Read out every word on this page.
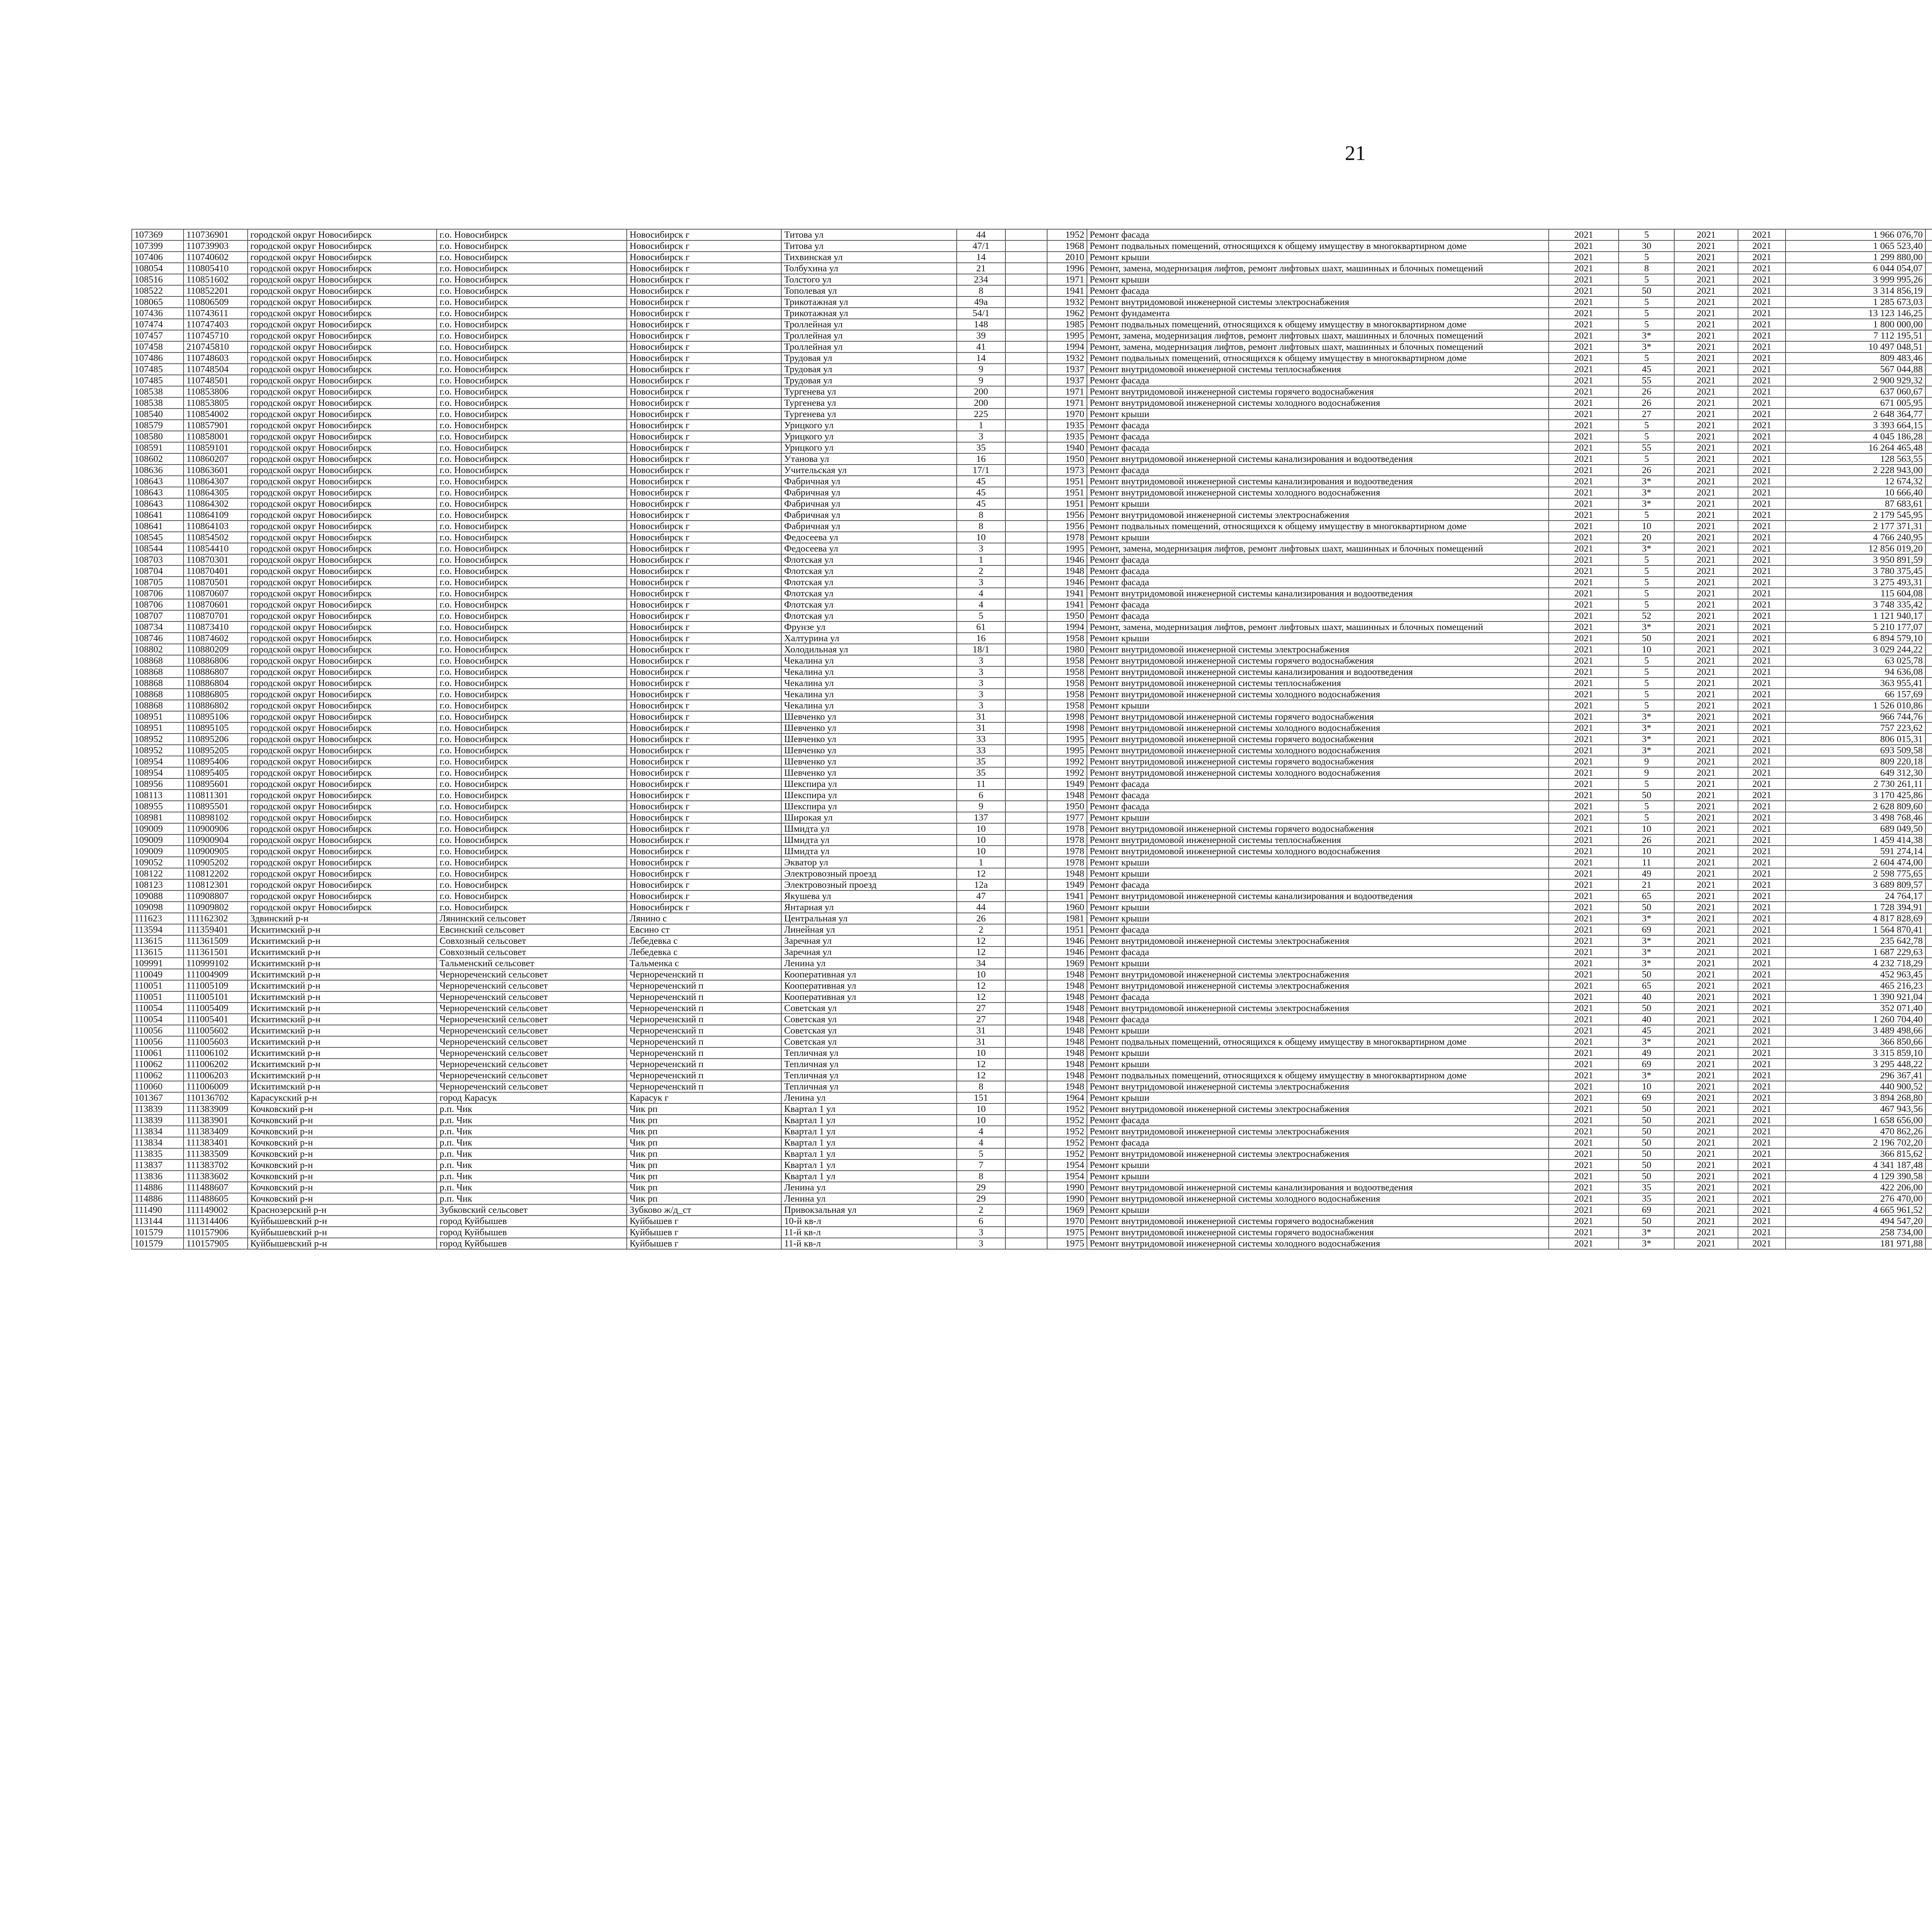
21
107369	110736901	городской округ Новосибирск	г.о. Новосибирск	Новосибирск г	Титова ул	44		1952	Ремонт фасада	2021	5	2021	2021	1 966 076,70							
107399	110739903	городской округ Новосибирск	г.о. Новосибирск	Новосибирск г	Титова ул	47/1		1968	Ремонт подвальных помещений, относящихся к общему имуществу в многоквартирном доме	2021	30	2021	2021	1 065 523,40							
107406	110740602	городской округ Новосибирск	г.о. Новосибирск	Новосибирск г	Тихвинская ул	14		2010	Ремонт крыши	2021	5	2021	2021	1 299 880,00							
108054	110805410	городской округ Новосибирск	г.о. Новосибирск	Новосибирск г	Толбухина ул	21		1996	Ремонт, замена, модернизация лифтов, ремонт лифтовых шахт, машинных и блочных помещений	2021	8	2021	2021	6 044 054,07							
108516	110851602	городской округ Новосибирск	г.о. Новосибирск	Новосибирск г	Толстого ул	234		1971	Ремонт крыши	2021	5	2021	2021	3 999 995,26							
108522	110852201	городской округ Новосибирск	г.о. Новосибирск	Новосибирск г	Тополевая ул	8		1941	Ремонт фасада	2021	50	2021	2021	3 314 856,19							
108065	110806509	городской округ Новосибирск	г.о. Новосибирск	Новосибирск г	Трикотажная ул	49а		1932	Ремонт внутридомовой инженерной системы электроснабжения	2021	5	2021	2021	1 285 673,03							
107436	110743611	городской округ Новосибирск	г.о. Новосибирск	Новосибирск г	Трикотажная ул	54/1		1962	Ремонт фундамента	2021	5	2021	2021	13 123 146,25							
107474	110747403	городской округ Новосибирск	г.о. Новосибирск	Новосибирск г	Троллейная ул	148		1985	Ремонт подвальных помещений, относящихся к общему имуществу в многоквартирном доме	2021	5	2021	2021	1 800 000,00							
107457	110745710	городской округ Новосибирск	г.о. Новосибирск	Новосибирск г	Троллейная ул	39		1995	Ремонт, замена, модернизация лифтов, ремонт лифтовых шахт, машинных и блочных помещений	2021	3*	2021	2021	7 112 195,51							
107458	210745810	городской округ Новосибирск	г.о. Новосибирск	Новосибирск г	Троллейная ул	41		1994	Ремонт, замена, модернизация лифтов, ремонт лифтовых шахт, машинных и блочных помещений	2021	3*	2021	2021	10 497 048,51							
107486	110748603	городской округ Новосибирск	г.о. Новосибирск	Новосибирск г	Трудовая ул	14		1932	Ремонт подвальных помещений, относящихся к общему имуществу в многоквартирном доме	2021	5	2021	2021	809 483,46							
107485	110748504	городской округ Новосибирск	г.о. Новосибирск	Новосибирск г	Трудовая ул	9		1937	Ремонт внутридомовой инженерной системы теплоснабжения	2021	45	2021	2021	567 044,88							
107485	110748501	городской округ Новосибирск	г.о. Новосибирск	Новосибирск г	Трудовая ул	9		1937	Ремонт фасада	2021	55	2021	2021	2 900 929,32							
108538	110853806	городской округ Новосибирск	г.о. Новосибирск	Новосибирск г	Тургенева ул	200		1971	Ремонт внутридомовой инженерной системы горячего водоснабжения	2021	26	2021	2021	637 060,67							
108538	110853805	городской округ Новосибирск	г.о. Новосибирск	Новосибирск г	Тургенева ул	200		1971	Ремонт внутридомовой инженерной системы холодного водоснабжения	2021	26	2021	2021	671 005,95							
108540	110854002	городской округ Новосибирск	г.о. Новосибирск	Новосибирск г	Тургенева ул	225		1970	Ремонт крыши	2021	27	2021	2021	2 648 364,77							
108579	110857901	городской округ Новосибирск	г.о. Новосибирск	Новосибирск г	Урицкого ул	1		1935	Ремонт фасада	2021	5	2021	2021	3 393 664,15							
108580	110858001	городской округ Новосибирск	г.о. Новосибирск	Новосибирск г	Урицкого ул	3		1935	Ремонт фасада	2021	5	2021	2021	4 045 186,28							
108591	110859101	городской округ Новосибирск	г.о. Новосибирск	Новосибирск г	Урицкого ул	35		1940	Ремонт фасада	2021	55	2021	2021	16 264 465,48							
108602	110860207	городской округ Новосибирск	г.о. Новосибирск	Новосибирск г	Утанова ул	16		1950	Ремонт внутридомовой инженерной системы канализирования и водоотведения	2021	5	2021	2021	128 563,55							
108636	110863601	городской округ Новосибирск	г.о. Новосибирск	Новосибирск г	Учительская ул	17/1		1973	Ремонт фасада	2021	26	2021	2021	2 228 943,00							
108643	110864307	городской округ Новосибирск	г.о. Новосибирск	Новосибирск г	Фабричная ул	45		1951	Ремонт внутридомовой инженерной системы канализирования и водоотведения	2021	3*	2021	2021	12 674,32							
108643	110864305	городской округ Новосибирск	г.о. Новосибирск	Новосибирск г	Фабричная ул	45		1951	Ремонт внутридомовой инженерной системы холодного водоснабжения	2021	3*	2021	2021	10 666,40							
108643	110864302	городской округ Новосибирск	г.о. Новосибирск	Новосибирск г	Фабричная ул	45		1951	Ремонт крыши	2021	3*	2021	2021	87 683,61							
108641	110864109	городской округ Новосибирск	г.о. Новосибирск	Новосибирск г	Фабричная ул	8		1956	Ремонт внутридомовой инженерной системы электроснабжения	2021	5	2021	2021	2 179 545,95							
108641	110864103	городской округ Новосибирск	г.о. Новосибирск	Новосибирск г	Фабричная ул	8		1956	Ремонт подвальных помещений, относящихся к общему имуществу в многоквартирном доме	2021	10	2021	2021	2 177 371,31							
108545	110854502	городской округ Новосибирск	г.о. Новосибирск	Новосибирск г	Федосеева ул	10		1978	Ремонт крыши	2021	20	2021	2021	4 766 240,95							
108544	110854410	городской округ Новосибирск	г.о. Новосибирск	Новосибирск г	Федосеева ул	3		1995	Ремонт, замена, модернизация лифтов, ремонт лифтовых шахт, машинных и блочных помещений	2021	3*	2021	2021	12 856 019,20							
108703	110870301	городской округ Новосибирск	г.о. Новосибирск	Новосибирск г	Флотская ул	1		1946	Ремонт фасада	2021	5	2021	2021	3 950 891,59							
108704	110870401	городской округ Новосибирск	г.о. Новосибирск	Новосибирск г	Флотская ул	2		1948	Ремонт фасада	2021	5	2021	2021	3 780 375,45							
108705	110870501	городской округ Новосибирск	г.о. Новосибирск	Новосибирск г	Флотская ул	3		1946	Ремонт фасада	2021	5	2021	2021	3 275 493,31							
108706	110870607	городской округ Новосибирск	г.о. Новосибирск	Новосибирск г	Флотская ул	4		1941	Ремонт внутридомовой инженерной системы канализирования и водоотведения	2021	5	2021	2021	115 604,08							
108706	110870601	городской округ Новосибирск	г.о. Новосибирск	Новосибирск г	Флотская ул	4		1941	Ремонт фасада	2021	5	2021	2021	3 748 335,42							
108707	110870701	городской округ Новосибирск	г.о. Новосибирск	Новосибирск г	Флотская ул	5		1950	Ремонт фасада	2021	52	2021	2021	1 121 940,17							
108734	110873410	городской округ Новосибирск	г.о. Новосибирск	Новосибирск г	Фрунзе ул	61		1994	Ремонт, замена, модернизация лифтов, ремонт лифтовых шахт, машинных и блочных помещений	2021	3*	2021	2021	5 210 177,07							
108746	110874602	городской округ Новосибирск	г.о. Новосибирск	Новосибирск г	Халтурина ул	16		1958	Ремонт крыши	2021	50	2021	2021	6 894 579,10							
108802	110880209	городской округ Новосибирск	г.о. Новосибирск	Новосибирск г	Холодильная ул	18/1		1980	Ремонт внутридомовой инженерной системы электроснабжения	2021	10	2021	2021	3 029 244,22							
108868	110886806	городской округ Новосибирск	г.о. Новосибирск	Новосибирск г	Чекалина ул	3		1958	Ремонт внутридомовой инженерной системы горячего водоснабжения	2021	5	2021	2021	63 025,78							
108868	110886807	городской округ Новосибирск	г.о. Новосибирск	Новосибирск г	Чекалина ул	3		1958	Ремонт внутридомовой инженерной системы канализирования и водоотведения	2021	5	2021	2021	94 636,08							
108868	110886804	городской округ Новосибирск	г.о. Новосибирск	Новосибирск г	Чекалина ул	3		1958	Ремонт внутридомовой инженерной системы теплоснабжения	2021	5	2021	2021	363 955,41							
108868	110886805	городской округ Новосибирск	г.о. Новосибирск	Новосибирск г	Чекалина ул	3		1958	Ремонт внутридомовой инженерной системы холодного водоснабжения	2021	5	2021	2021	66 157,69							
108868	110886802	городской округ Новосибирск	г.о. Новосибирск	Новосибирск г	Чекалина ул	3		1958	Ремонт крыши	2021	5	2021	2021	1 526 010,86							
108951	110895106	городской округ Новосибирск	г.о. Новосибирск	Новосибирск г	Шевченко ул	31		1998	Ремонт внутридомовой инженерной системы горячего водоснабжения	2021	3*	2021	2021	966 744,76							
108951	110895105	городской округ Новосибирск	г.о. Новосибирск	Новосибирск г	Шевченко ул	31		1998	Ремонт внутридомовой инженерной системы холодного водоснабжения	2021	3*	2021	2021	757 223,62							
108952	110895206	городской округ Новосибирск	г.о. Новосибирск	Новосибирск г	Шевченко ул	33		1995	Ремонт внутридомовой инженерной системы горячего водоснабжения	2021	3*	2021	2021	806 015,31							
108952	110895205	городской округ Новосибирск	г.о. Новосибирск	Новосибирск г	Шевченко ул	33		1995	Ремонт внутридомовой инженерной системы холодного водоснабжения	2021	3*	2021	2021	693 509,58							
108954	110895406	городской округ Новосибирск	г.о. Новосибирск	Новосибирск г	Шевченко ул	35		1992	Ремонт внутридомовой инженерной системы горячего водоснабжения	2021	9	2021	2021	809 220,18							
108954	110895405	городской округ Новосибирск	г.о. Новосибирск	Новосибирск г	Шевченко ул	35		1992	Ремонт внутридомовой инженерной системы холодного водоснабжения	2021	9	2021	2021	649 312,30							
108956	110895601	городской округ Новосибирск	г.о. Новосибирск	Новосибирск г	Шекспира ул	11		1949	Ремонт фасада	2021	5	2021	2021	2 730 261,11							
108113	110811301	городской округ Новосибирск	г.о. Новосибирск	Новосибирск г	Шекспира ул	6		1948	Ремонт фасада	2021	50	2021	2021	3 170 425,86							
108955	110895501	городской округ Новосибирск	г.о. Новосибирск	Новосибирск г	Шекспира ул	9		1950	Ремонт фасада	2021	5	2021	2021	2 628 809,60							
108981	110898102	городской округ Новосибирск	г.о. Новосибирск	Новосибирск г	Широкая ул	137		1977	Ремонт крыши	2021	5	2021	2021	3 498 768,46							
109009	110900906	городской округ Новосибирск	г.о. Новосибирск	Новосибирск г	Шмидта ул	10		1978	Ремонт внутридомовой инженерной системы горячего водоснабжения	2021	10	2021	2021	689 049,50							
109009	110900904	городской округ Новосибирск	г.о. Новосибирск	Новосибирск г	Шмидта ул	10		1978	Ремонт внутридомовой инженерной системы теплоснабжения	2021	26	2021	2021	1 459 414,38							
109009	110900905	городской округ Новосибирск	г.о. Новосибирск	Новосибирск г	Шмидта ул	10		1978	Ремонт внутридомовой инженерной системы холодного водоснабжения	2021	10	2021	2021	591 274,14							
109052	110905202	городской округ Новосибирск	г.о. Новосибирск	Новосибирск г	Экватор ул	1		1978	Ремонт крыши	2021	11	2021	2021	2 604 474,00							
108122	110812202	городской округ Новосибирск	г.о. Новосибирск	Новосибирск г	Электровозный проезд	12		1948	Ремонт крыши	2021	49	2021	2021	2 598 775,65							
108123	110812301	городской округ Новосибирск	г.о. Новосибирск	Новосибирск г	Электровозный проезд	12а		1949	Ремонт фасада	2021	21	2021	2021	3 689 809,57							
109088	110908807	городской округ Новосибирск	г.о. Новосибирск	Новосибирск г	Якушева ул	47		1941	Ремонт внутридомовой инженерной системы канализирования и водоотведения	2021	65	2021	2021	24 764,17							
109098	110909802	городской округ Новосибирск	г.о. Новосибирск	Новосибирск г	Янтарная ул	44		1960	Ремонт крыши	2021	50	2021	2021	1 728 394,91							
111623	111162302	Здвинский р-н	Лянинский сельсовет	Лянино с	Центральная ул	26		1981	Ремонт крыши	2021	3*	2021	2021	4 817 828,69							
113594	111359401	Искитимский р-н	Евсинский сельсовет	Евсино ст	Линейная ул	2		1951	Ремонт фасада	2021	69	2021	2021	1 564 870,41							
113615	111361509	Искитимский р-н	Совхозный сельсовет	Лебедевка с	Заречная ул	12		1946	Ремонт внутридомовой инженерной системы электроснабжения	2021	3*	2021	2021	235 642,78							
113615	111361501	Искитимский р-н	Совхозный сельсовет	Лебедевка с	Заречная ул	12		1946	Ремонт фасада	2021	3*	2021	2021	1 687 229,63							
109991	110999102	Искитимский р-н	Тальменский сельсовет	Тальменка с	Ленина ул	34		1969	Ремонт крыши	2021	3*	2021	2021	4 232 718,29							
110049	111004909	Искитимский р-н	Чернореченский сельсовет	Чернореченский п	Кооперативная ул	10		1948	Ремонт внутридомовой инженерной системы электроснабжения	2021	50	2021	2021	452 963,45							
110051	111005109	Искитимский р-н	Чернореченский сельсовет	Чернореченский п	Кооперативная ул	12		1948	Ремонт внутридомовой инженерной системы электроснабжения	2021	65	2021	2021	465 216,23							
110051	111005101	Искитимский р-н	Чернореченский сельсовет	Чернореченский п	Кооперативная ул	12		1948	Ремонт фасада	2021	40	2021	2021	1 390 921,04							
110054	111005409	Искитимский р-н	Чернореченский сельсовет	Чернореченский п	Советская ул	27		1948	Ремонт внутридомовой инженерной системы электроснабжения	2021	50	2021	2021	352 071,40							
110054	111005401	Искитимский р-н	Чернореченский сельсовет	Чернореченский п	Советская ул	27		1948	Ремонт фасада	2021	40	2021	2021	1 260 704,40							
110056	111005602	Искитимский р-н	Чернореченский сельсовет	Чернореченский п	Советская ул	31		1948	Ремонт крыши	2021	45	2021	2021	3 489 498,66							
110056	111005603	Искитимский р-н	Чернореченский сельсовет	Чернореченский п	Советская ул	31		1948	Ремонт подвальных помещений, относящихся к общему имуществу в многоквартирном доме	2021	3*	2021	2021	366 850,66							
110061	111006102	Искитимский р-н	Чернореченский сельсовет	Чернореченский п	Тепличная ул	10		1948	Ремонт крыши	2021	49	2021	2021	3 315 859,10							
110062	111006202	Искитимский р-н	Чернореченский сельсовет	Чернореченский п	Тепличная ул	12		1948	Ремонт крыши	2021	69	2021	2021	3 295 448,22							
110062	111006203	Искитимский р-н	Чернореченский сельсовет	Чернореченский п	Тепличная ул	12		1948	Ремонт подвальных помещений, относящихся к общему имуществу в многоквартирном доме	2021	3*	2021	2021	296 367,41							
110060	111006009	Искитимский р-н	Чернореченский сельсовет	Чернореченский п	Тепличная ул	8		1948	Ремонт внутридомовой инженерной системы электроснабжения	2021	10	2021	2021	440 900,52							
101367	110136702	Карасукский р-н	город Карасук	Карасук г	Ленина ул	151		1964	Ремонт крыши	2021	69	2021	2021	3 894 268,80							
113839	111383909	Кочковский р-н	р.п. Чик	Чик рп	Квартал 1 ул	10		1952	Ремонт внутридомовой инженерной системы электроснабжения	2021	50	2021	2021	467 943,56							
113839	111383901	Кочковский р-н	р.п. Чик	Чик рп	Квартал 1 ул	10		1952	Ремонт фасада	2021	50	2021	2021	1 658 656,00							
113834	111383409	Кочковский р-н	р.п. Чик	Чик рп	Квартал 1 ул	4		1952	Ремонт внутридомовой инженерной системы электроснабжения	2021	50	2021	2021	470 862,26							
113834	111383401	Кочковский р-н	р.п. Чик	Чик рп	Квартал 1 ул	4		1952	Ремонт фасада	2021	50	2021	2021	2 196 702,20							
113835	111383509	Кочковский р-н	р.п. Чик	Чик рп	Квартал 1 ул	5		1952	Ремонт внутридомовой инженерной системы электроснабжения	2021	50	2021	2021	366 815,62							
113837	111383702	Кочковский р-н	р.п. Чик	Чик рп	Квартал 1 ул	7		1954	Ремонт крыши	2021	50	2021	2021	4 341 187,48							
113836	111383602	Кочковский р-н	р.п. Чик	Чик рп	Квартал 1 ул	8		1954	Ремонт крыши	2021	50	2021	2021	4 129 390,58							
114886	111488607	Кочковский р-н	р.п. Чик	Чик рп	Ленина ул	29		1990	Ремонт внутридомовой инженерной системы канализирования и водоотведения	2021	35	2021	2021	422 206,00							
114886	111488605	Кочковский р-н	р.п. Чик	Чик рп	Ленина ул	29		1990	Ремонт внутридомовой инженерной системы холодного водоснабжения	2021	35	2021	2021	276 470,00							
111490	111149002	Краснозерский р-н	Зубковский сельсовет	Зубково ж/д_ст	Привокзальная ул	2		1969	Ремонт крыши	2021	69	2021	2021	4 665 961,52							
113144	111314406	Куйбышевский р-н	город Куйбышев	Куйбышев г	10-й кв-л	6		1970	Ремонт внутридомовой инженерной системы горячего водоснабжения	2021	50	2021	2021	494 547,20							
101579	110157906	Куйбышевский р-н	город Куйбышев	Куйбышев г	11-й кв-л	3		1975	Ремонт внутридомовой инженерной системы горячего водоснабжения	2021	3*	2021	2021	258 734,00							
101579	110157905	Куйбышевский р-н	город Куйбышев	Куйбышев г	11-й кв-л	3		1975	Ремонт внутридомовой инженерной системы холодного водоснабжения	2021	3*	2021	2021	181 971,88							
